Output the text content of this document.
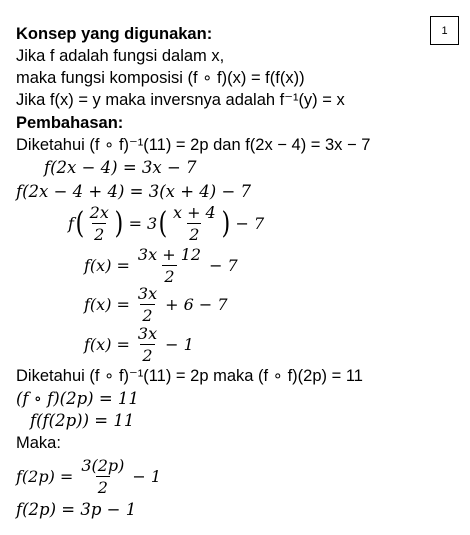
1
Konsep yang digunakan:
Jika f adalah fungsi dalam x,
maka fungsi komposisi (f ∘ f)(x) = f(f(x))
Jika f(x) = y maka inversnya adalah f⁻¹(y) = x
Pembahasan:
Diketahui (f ∘ f)⁻¹(11) = 2p dan f(2x − 4) = 3x − 7
f(2x − 4) = 3x − 7
f(2x − 4 + 4) = 3(x + 4) − 7
f ( $\frac{2x}{2}$ ) = 3 ( $\frac{x + 4}{2}$ ) − 7
$f(x) = \frac{3x + 12}{2} - 7$
$f(x) = \frac{3x}{2} + 6 - 7$
$f(x) = \frac{3x}{2} - 1$
Diketahui (f ∘ f)⁻¹(11) = 2p maka (f ∘ f)(2p) = 11
(f ∘ f)(2p) = 11
f(f(2p)) = 11
Maka:
$f(2p) = \frac{3(2p)}{2} - 1$
f(2p) = 3p − 1
